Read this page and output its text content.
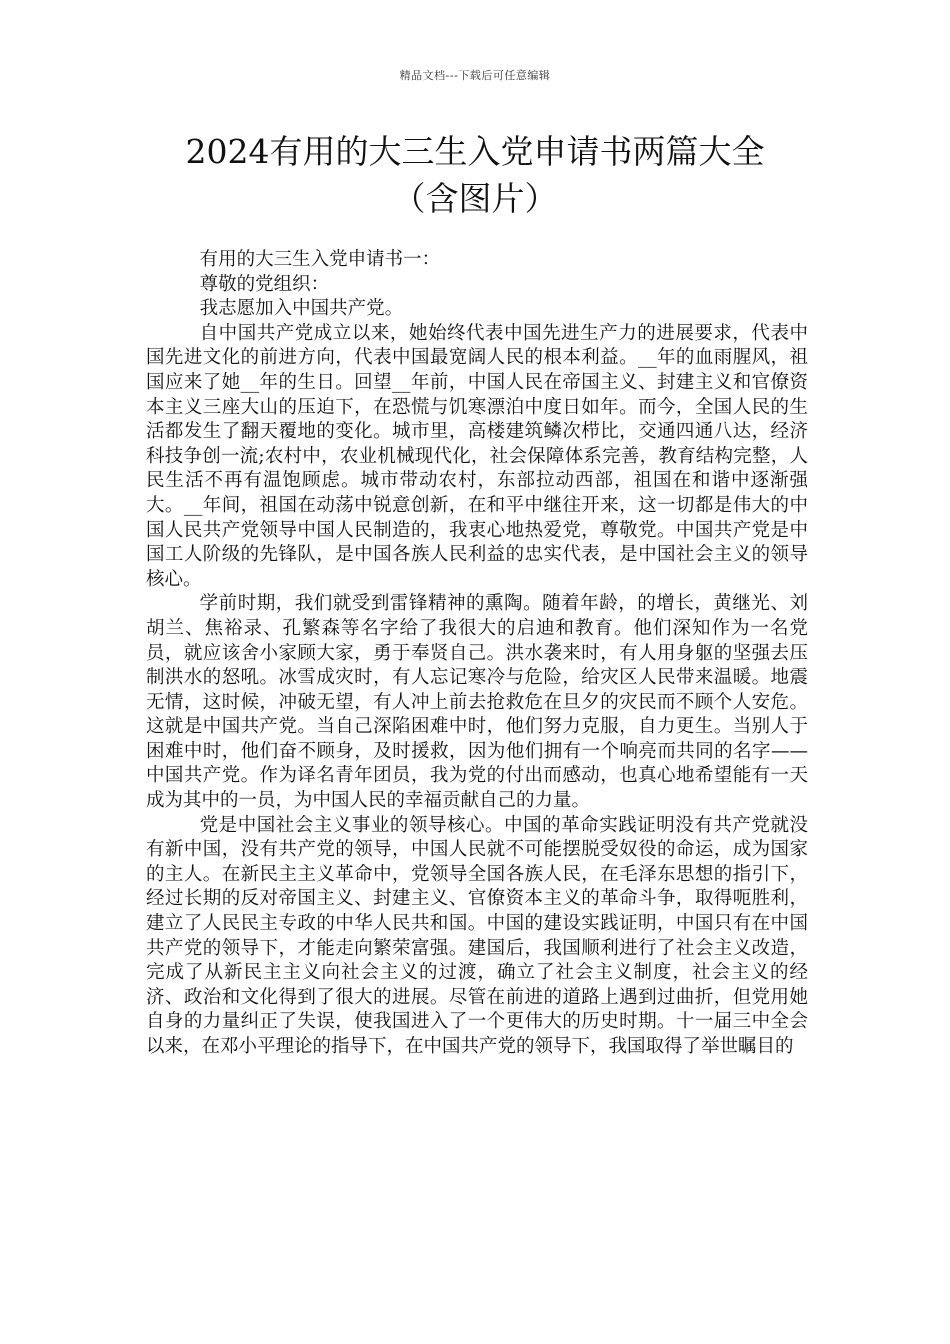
精品文档---下载后可任意编辑
2024有用的大三生入党申请书两篇大全
（含图片）

有用的大三生入党申请书一：

尊敬的党组织：

我志愿加入中国共产党。

自中国共产党成立以来，她始终代表中国先进生产力的进展要求，代表中国先进文化的前进方向，代表中国最宽阔人民的根本利益。__年的血雨腥风，祖国应来了她__年的生日。回望__年前，中国人民在帝国主义、封建主义和官僚资本主义三座大山的压迫下，在恐慌与饥寒漂泊中度日如年。而今，全国人民的生活都发生了翻天覆地的变化。城市里，高楼建筑鳞次栉比，交通四通八达，经济科技争创一流;农村中，农业机械现代化，社会保障体系完善，教育结构完整，人民生活不再有温饱顾虑。城市带动农村，东部拉动西部，祖国在和谐中逐渐强大。__年间，祖国在动荡中锐意创新，在和平中继往开来，这一切都是伟大的中国人民共产党领导中国人民制造的，我衷心地热爱党，尊敬党。中国共产党是中国工人阶级的先锋队，是中国各族人民利益的忠实代表，是中国社会主义的领导核心。

学前时期，我们就受到雷锋精神的熏陶。随着年龄，的增长，黄继光、刘胡兰、焦裕录、孔繁森等名字给了我很大的启迪和教育。他们深知作为一名党员，就应该舍小家顾大家，勇于奉贤自己。洪水袭来时，有人用身躯的坚强去压制洪水的怒吼。冰雪成灾时，有人忘记寒冷与危险，给灾区人民带来温暖。地震无情，这时候，冲破无望，有人冲上前去抢救危在旦夕的灾民而不顾个人安危。这就是中国共产党。当自己深陷困难中时，他们努力克服，自力更生。当别人于困难中时，他们奋不顾身，及时援救，因为他们拥有一个响亮而共同的名字——中国共产党。作为译名青年团员，我为党的付出而感动，也真心地希望能有一天成为其中的一员，为中国人民的幸福贡献自己的力量。

党是中国社会主义事业的领导核心。中国的革命实践证明没有共产党就没有新中国，没有共产党的领导，中国人民就不可能摆脱受奴役的命运，成为国家的主人。在新民主主义革命中，党领导全国各族人民，在毛泽东思想的指引下，经过长期的反对帝国主义、封建主义、官僚资本主义的革命斗争，取得呃胜利，建立了人民民主专政的中华人民共和国。中国的建设实践证明，中国只有在中国共产党的领导下，才能走向繁荣富强。建国后，我国顺利进行了社会主义改造，完成了从新民主主义向社会主义的过渡，确立了社会主义制度，社会主义的经济、政治和文化得到了很大的进展。尽管在前进的道路上遇到过曲折，但党用她自身的力量纠正了失误，使我国进入了一个更伟大的历史时期。十一届三中全会以来，在邓小平理论的指导下，在中国共产党的领导下，我国取得了举世瞩目的
